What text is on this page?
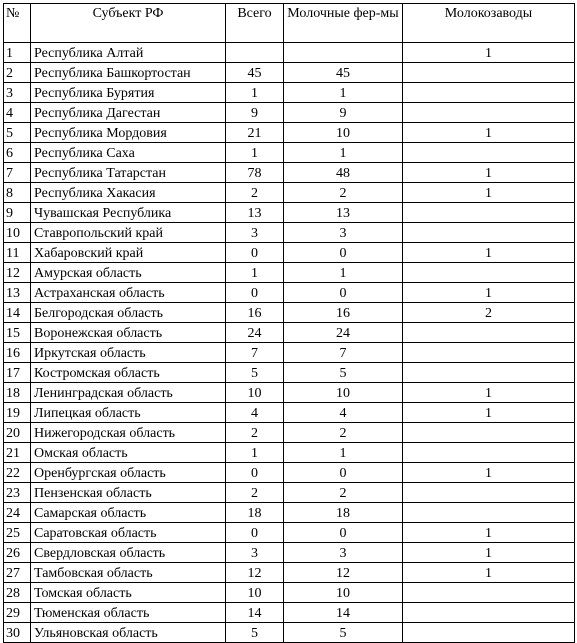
№	Субъект РФ	Всего	Молочные фер-мы	Молокозаводы
1	Республика Алтай			1
2	Республика Башкортостан	45	45	
3	Республика Бурятия	1	1	
4	Республика Дагестан	9	9	
5	Республика Мордовия	21	10	1
6	Республика Саха	1	1	
7	Республика Татарстан	78	48	1
8	Республика Хакасия	2	2	1
9	Чувашская Республика	13	13	
10	Ставропольский край	3	3	
11	Хабаровский край	0	0	1
12	Амурская область	1	1	
13	Астраханская область	0	0	1
14	Белгородская область	16	16	2
15	Воронежская область	24	24	
16	Иркутская область	7	7	
17	Костромская область	5	5	
18	Ленинградская область	10	10	1
19	Липецкая область	4	4	1
20	Нижегородская область	2	2	
21	Омская область	1	1	
22	Оренбургская область	0	0	1
23	Пензенская область	2	2	
24	Самарская область	18	18	
25	Саратовская область	0	0	1
26	Свердловская область	3	3	1
27	Тамбовская область	12	12	1
28	Томская область	10	10	
29	Тюменская область	14	14	
30	Ульяновская область	5	5	
